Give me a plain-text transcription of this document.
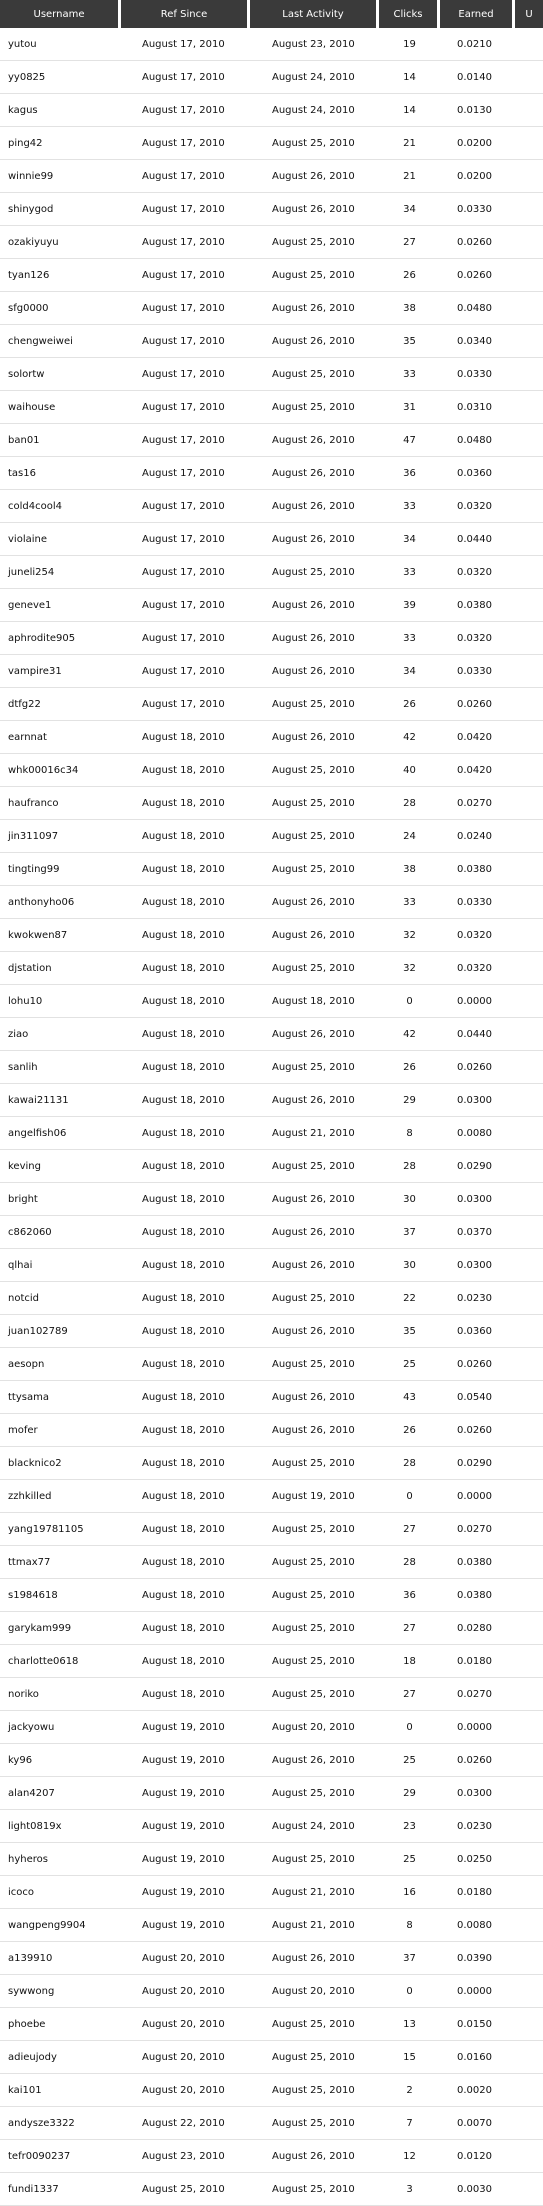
Username	Ref Since	Last Activity	Clicks	Earned	U
yutou	August 17, 2010	August 23, 2010	19	0.0210	
yy0825	August 17, 2010	August 24, 2010	14	0.0140	
kagus	August 17, 2010	August 24, 2010	14	0.0130	
ping42	August 17, 2010	August 25, 2010	21	0.0200	
winnie99	August 17, 2010	August 26, 2010	21	0.0200	
shinygod	August 17, 2010	August 26, 2010	34	0.0330	
ozakiyuyu	August 17, 2010	August 25, 2010	27	0.0260	
tyan126	August 17, 2010	August 25, 2010	26	0.0260	
sfg0000	August 17, 2010	August 26, 2010	38	0.0480	
chengweiwei	August 17, 2010	August 26, 2010	35	0.0340	
solortw	August 17, 2010	August 25, 2010	33	0.0330	
waihouse	August 17, 2010	August 25, 2010	31	0.0310	
ban01	August 17, 2010	August 26, 2010	47	0.0480	
tas16	August 17, 2010	August 26, 2010	36	0.0360	
cold4cool4	August 17, 2010	August 26, 2010	33	0.0320	
violaine	August 17, 2010	August 26, 2010	34	0.0440	
juneli254	August 17, 2010	August 25, 2010	33	0.0320	
geneve1	August 17, 2010	August 26, 2010	39	0.0380	
aphrodite905	August 17, 2010	August 26, 2010	33	0.0320	
vampire31	August 17, 2010	August 26, 2010	34	0.0330	
dtfg22	August 17, 2010	August 25, 2010	26	0.0260	
earnnat	August 18, 2010	August 26, 2010	42	0.0420	
whk00016c34	August 18, 2010	August 25, 2010	40	0.0420	
haufranco	August 18, 2010	August 25, 2010	28	0.0270	
jin311097	August 18, 2010	August 25, 2010	24	0.0240	
tingting99	August 18, 2010	August 25, 2010	38	0.0380	
anthonyho06	August 18, 2010	August 26, 2010	33	0.0330	
kwokwen87	August 18, 2010	August 26, 2010	32	0.0320	
djstation	August 18, 2010	August 25, 2010	32	0.0320	
lohu10	August 18, 2010	August 18, 2010	0	0.0000	
ziao	August 18, 2010	August 26, 2010	42	0.0440	
sanlih	August 18, 2010	August 25, 2010	26	0.0260	
kawai21131	August 18, 2010	August 26, 2010	29	0.0300	
angelfish06	August 18, 2010	August 21, 2010	8	0.0080	
keving	August 18, 2010	August 25, 2010	28	0.0290	
bright	August 18, 2010	August 26, 2010	30	0.0300	
c862060	August 18, 2010	August 26, 2010	37	0.0370	
qlhai	August 18, 2010	August 26, 2010	30	0.0300	
notcid	August 18, 2010	August 25, 2010	22	0.0230	
juan102789	August 18, 2010	August 26, 2010	35	0.0360	
aesopn	August 18, 2010	August 25, 2010	25	0.0260	
ttysama	August 18, 2010	August 26, 2010	43	0.0540	
mofer	August 18, 2010	August 26, 2010	26	0.0260	
blacknico2	August 18, 2010	August 25, 2010	28	0.0290	
zzhkilled	August 18, 2010	August 19, 2010	0	0.0000	
yang19781105	August 18, 2010	August 25, 2010	27	0.0270	
ttmax77	August 18, 2010	August 25, 2010	28	0.0380	
s1984618	August 18, 2010	August 25, 2010	36	0.0380	
garykam999	August 18, 2010	August 25, 2010	27	0.0280	
charlotte0618	August 18, 2010	August 25, 2010	18	0.0180	
noriko	August 18, 2010	August 25, 2010	27	0.0270	
jackyowu	August 19, 2010	August 20, 2010	0	0.0000	
ky96	August 19, 2010	August 26, 2010	25	0.0260	
alan4207	August 19, 2010	August 25, 2010	29	0.0300	
light0819x	August 19, 2010	August 24, 2010	23	0.0230	
hyheros	August 19, 2010	August 25, 2010	25	0.0250	
icoco	August 19, 2010	August 21, 2010	16	0.0180	
wangpeng9904	August 19, 2010	August 21, 2010	8	0.0080	
a139910	August 20, 2010	August 26, 2010	37	0.0390	
sywwong	August 20, 2010	August 20, 2010	0	0.0000	
phoebe	August 20, 2010	August 25, 2010	13	0.0150	
adieujody	August 20, 2010	August 25, 2010	15	0.0160	
kai101	August 20, 2010	August 25, 2010	2	0.0020	
andysze3322	August 22, 2010	August 25, 2010	7	0.0070	
tefr0090237	August 23, 2010	August 26, 2010	12	0.0120	
fundi1337	August 25, 2010	August 25, 2010	3	0.0030	
